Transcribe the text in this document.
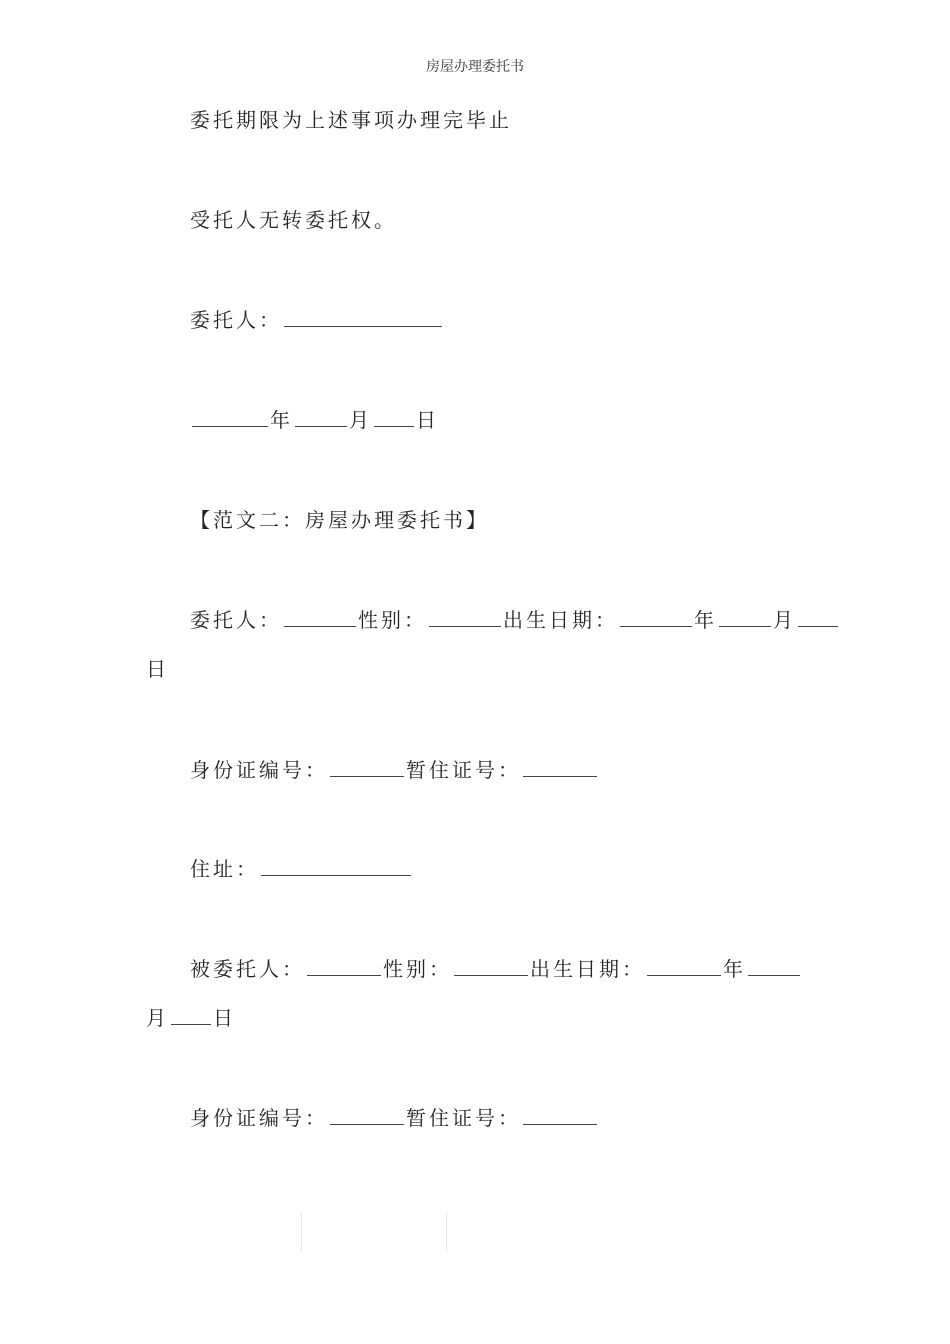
房屋办理委托书
委托期限为上述事项办理完毕止
受托人无转委托权。
委托人：
年	月 日
【范文二：房屋办理委托书】
委托人：	性别：	出生日期：	年	月
日
身份证编号：	暂住证号：
住址：
被委托人：	性别：	出生日期：	年
月 日
身份证编号：	暂住证号：
